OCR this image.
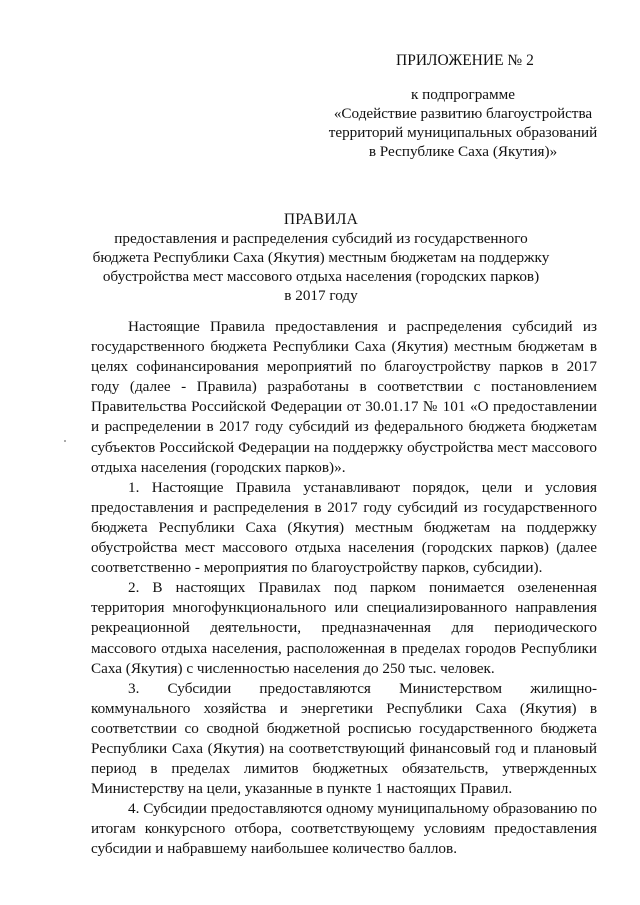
ПРИЛОЖЕНИЕ № 2
к подпрограмме
«Содействие развитию благоустройства
территорий муниципальных образований
в Республике Саха (Якутия)»
ПРАВИЛА
предоставления и распределения субсидий из государственного
бюджета Республики Саха (Якутия) местным бюджетам на поддержку
обустройства мест массового отдыха населения (городских парков)
в 2017 году

Настоящие Правила предоставления и распределения субсидий из государственного бюджета Республики Саха (Якутия) местным бюджетам в целях софинансирования мероприятий по благоустройству парков в 2017 году (далее - Правила) разработаны в соответствии с постановлением Правительства Российской Федерации от 30.01.17 № 101 «О предоставлении и распределении в 2017 году субсидий из федерального бюджета бюджетам субъектов Российской Федерации на поддержку обустройства мест массового отдыха населения (городских парков)».

1. Настоящие Правила устанавливают порядок, цели и условия предоставления и распределения в 2017 году субсидий из государственного бюджета Республики Саха (Якутия) местным бюджетам на поддержку обустройства мест массового отдыха населения (городских парков) (далее соответственно - мероприятия по благоустройству парков, субсидии).

2. В настоящих Правилах под парком понимается озелененная территория многофункционального или специализированного направления рекреационной деятельности, предназначенная для периодического массового отдыха населения, расположенная в пределах городов Республики Саха (Якутия) с численностью населения до 250 тыс. человек.

3. Субсидии предоставляются Министерством жилищно-коммунального хозяйства и энергетики Республики Саха (Якутия) в соответствии со сводной бюджетной росписью государственного бюджета Республики Саха (Якутия) на соответствующий финансовый год и плановый период в пределах лимитов бюджетных обязательств, утвержденных Министерству на цели, указанные в пункте 1 настоящих Правил.

4. Субсидии предоставляются одному муниципальному образованию по итогам конкурсного отбора, соответствующему условиям предоставления субсидии и набравшему наибольшее количество баллов.
